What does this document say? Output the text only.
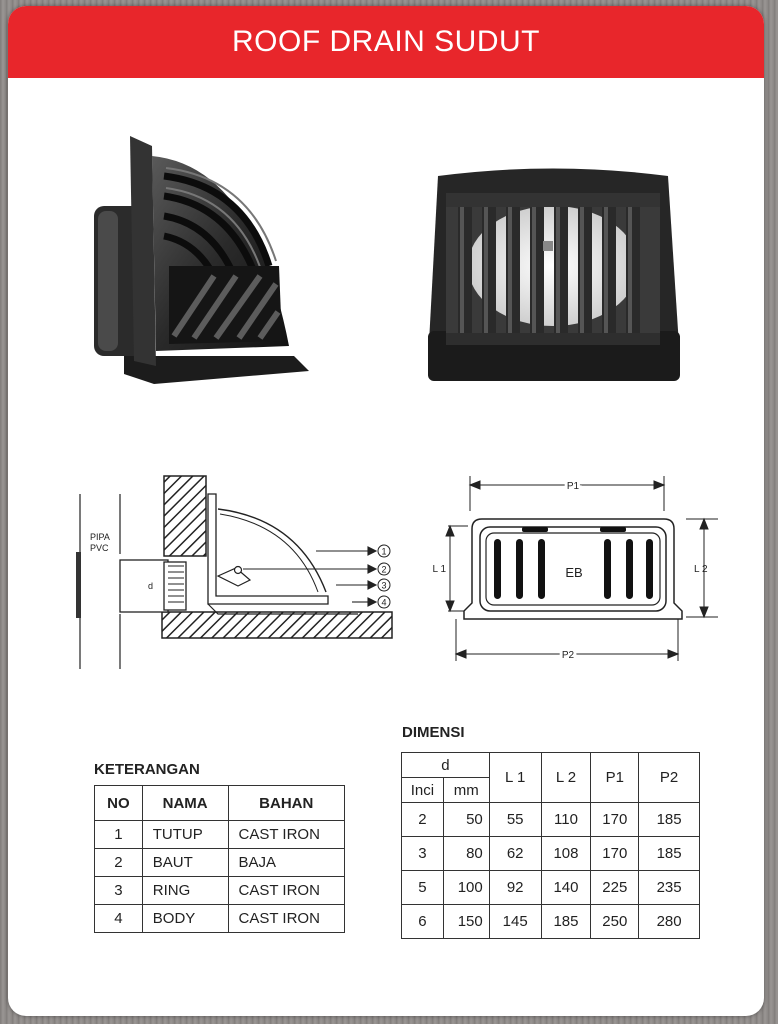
ROOF DRAIN SUDUT
1
2
3
4
PIPA
PVC
d
P1
P2
L 1	L 2
EB
KETERANGAN
NO	NAMA	BAHAN
1	TUTUP	CAST IRON
2	BAUT	BAJA
3	RING	CAST IRON
4	BODY	CAST IRON
DIMENSI
d		L 1	L 2	P1	P2
Inci	mm				
2	50	55	110	170	185
3	80	62	108	170	185
5	100	92	140	225	235
6	150	145	185	250	280
